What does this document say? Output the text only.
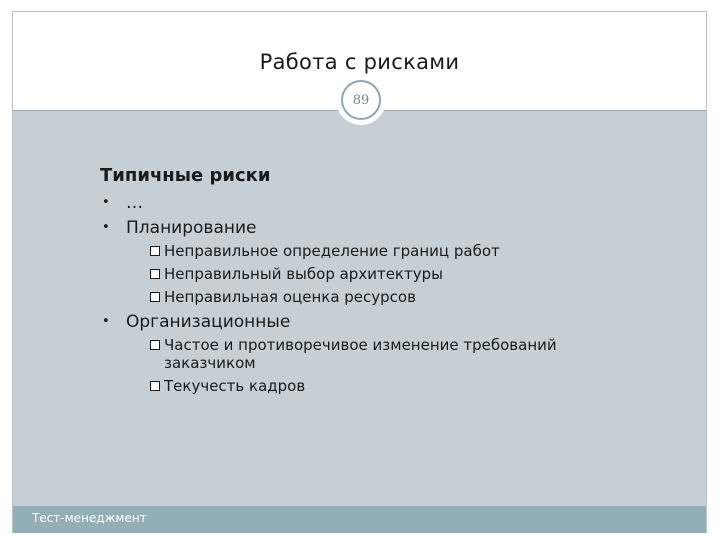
Работа с рисками
Тест-менеджмент
89
Типичные риски
• …
• Планирование
Неправильное определение границ работ
Неправильный выбор архитектуры
Неправильная оценка ресурсов
• Организационные
Частое и противоречивое изменение требований заказчиком
Текучесть кадров
